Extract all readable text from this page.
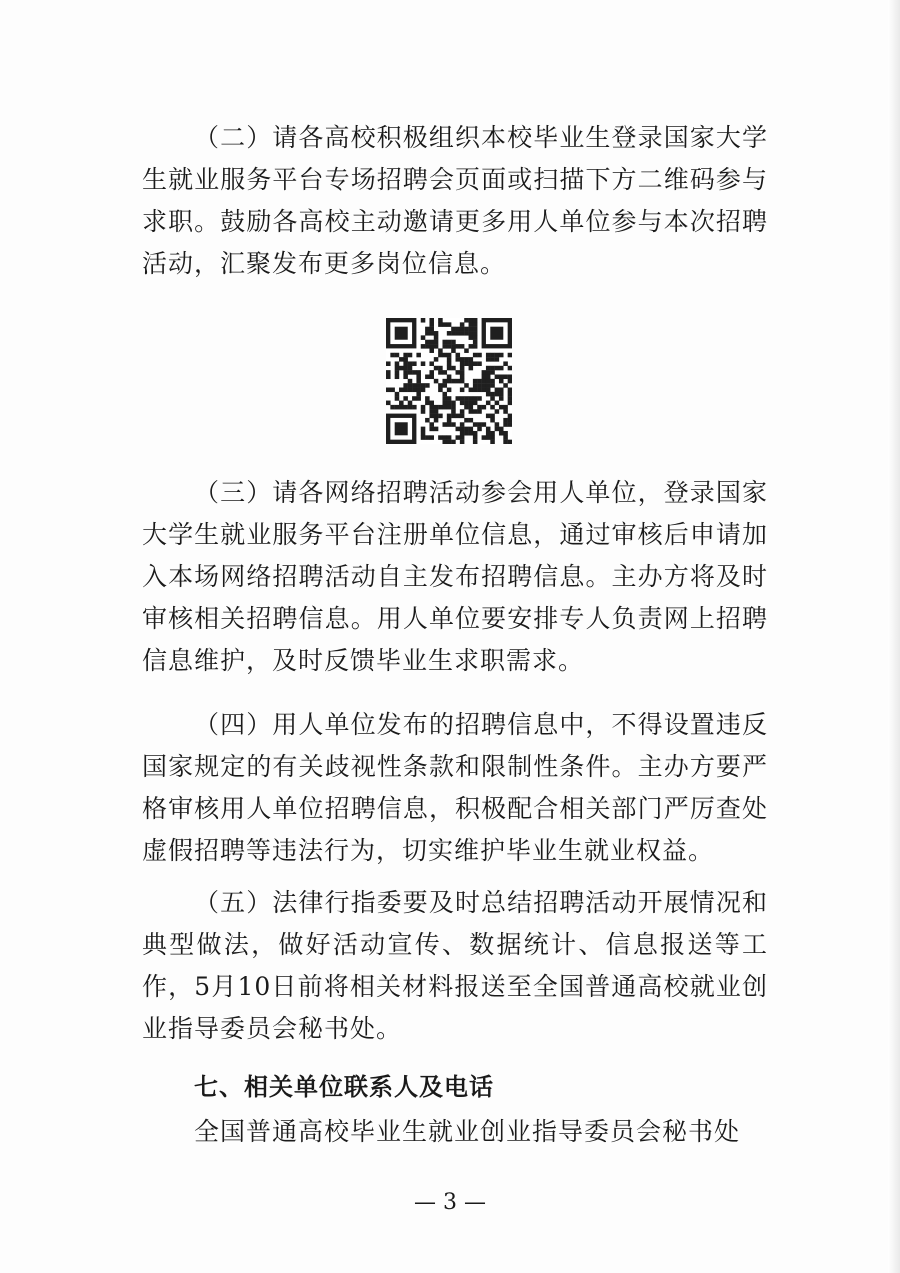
（二）请各高校积极组织本校毕业生登录国家大学生就业服务平台专场招聘会页面或扫描下方二维码参与求职。鼓励各高校主动邀请更多用人单位参与本次招聘活动，汇聚发布更多岗位信息。

（三）请各网络招聘活动参会用人单位，登录国家大学生就业服务平台注册单位信息，通过审核后申请加入本场网络招聘活动自主发布招聘信息。主办方将及时审核相关招聘信息。用人单位要安排专人负责网上招聘信息维护，及时反馈毕业生求职需求。

（四）用人单位发布的招聘信息中，不得设置违反国家规定的有关歧视性条款和限制性条件。主办方要严格审核用人单位招聘信息，积极配合相关部门严厉查处虚假招聘等违法行为，切实维护毕业生就业权益。

（五）法律行指委要及时总结招聘活动开展情况和典型做法，做好活动宣传、数据统计、信息报送等工作，5月10日前将相关材料报送至全国普通高校就业创业指导委员会秘书处。

七、相关单位联系人及电话

全国普通高校毕业生就业创业指导委员会秘书处

— 3 —
